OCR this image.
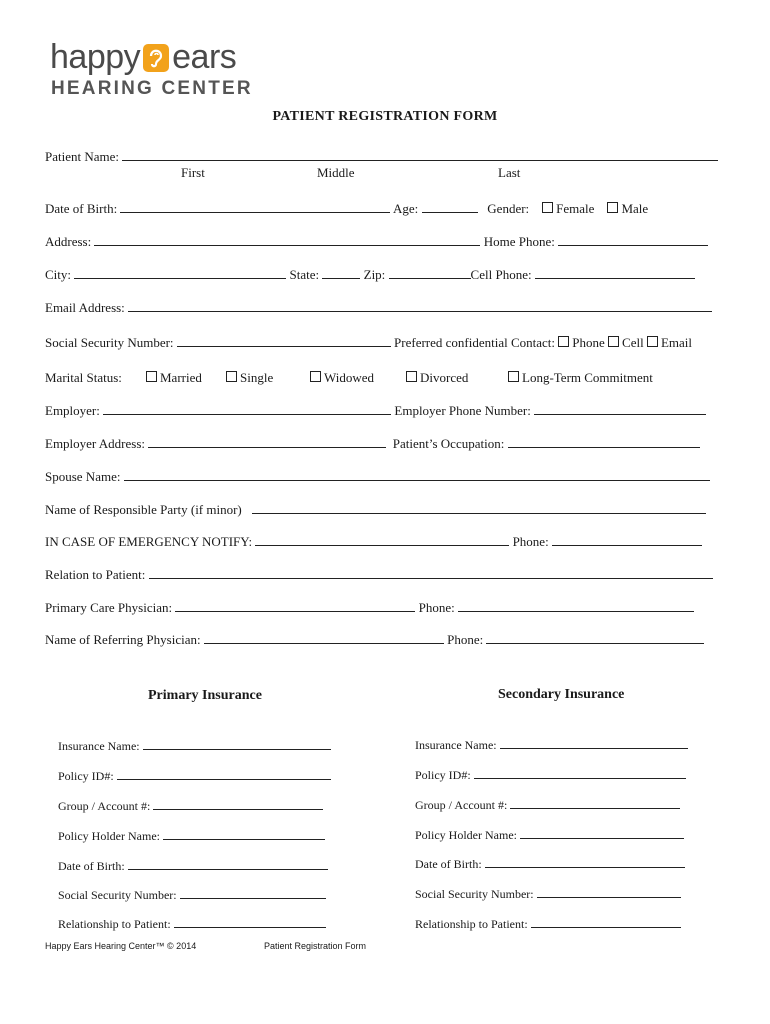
happy ears
HEARING CENTER
PATIENT REGISTRATION FORM
Patient Name:
First	Middle	Last
Date of Birth:	Age:	Gender: Female Male
Address:	Home Phone:
City:	State:	Zip:	Cell Phone:
Email Address:
Social Security Number:	Preferred confidential Contact: Phone Cell Email
Marital Status:	Married	Single	Widowed	Divorced	Long-Term Commitment
Employer:	Employer Phone Number:
Employer Address:	Patient’s Occupation:
Spouse Name:
Name of Responsible Party (if minor)
IN CASE OF EMERGENCY NOTIFY:	Phone:
Relation to Patient:
Primary Care Physician:	Phone:
Name of Referring Physician:	Phone:
Primary Insurance	Secondary Insurance
Insurance Name:
Policy ID#:
Group / Account #:
Policy Holder Name:
Date of Birth:
Social Security Number:
Relationship to Patient:
Insurance Name:
Policy ID#:
Group / Account #:
Policy Holder Name:
Date of Birth:
Social Security Number:
Relationship to Patient:
Happy Ears Hearing Center™ © 2014	Patient Registration Form
